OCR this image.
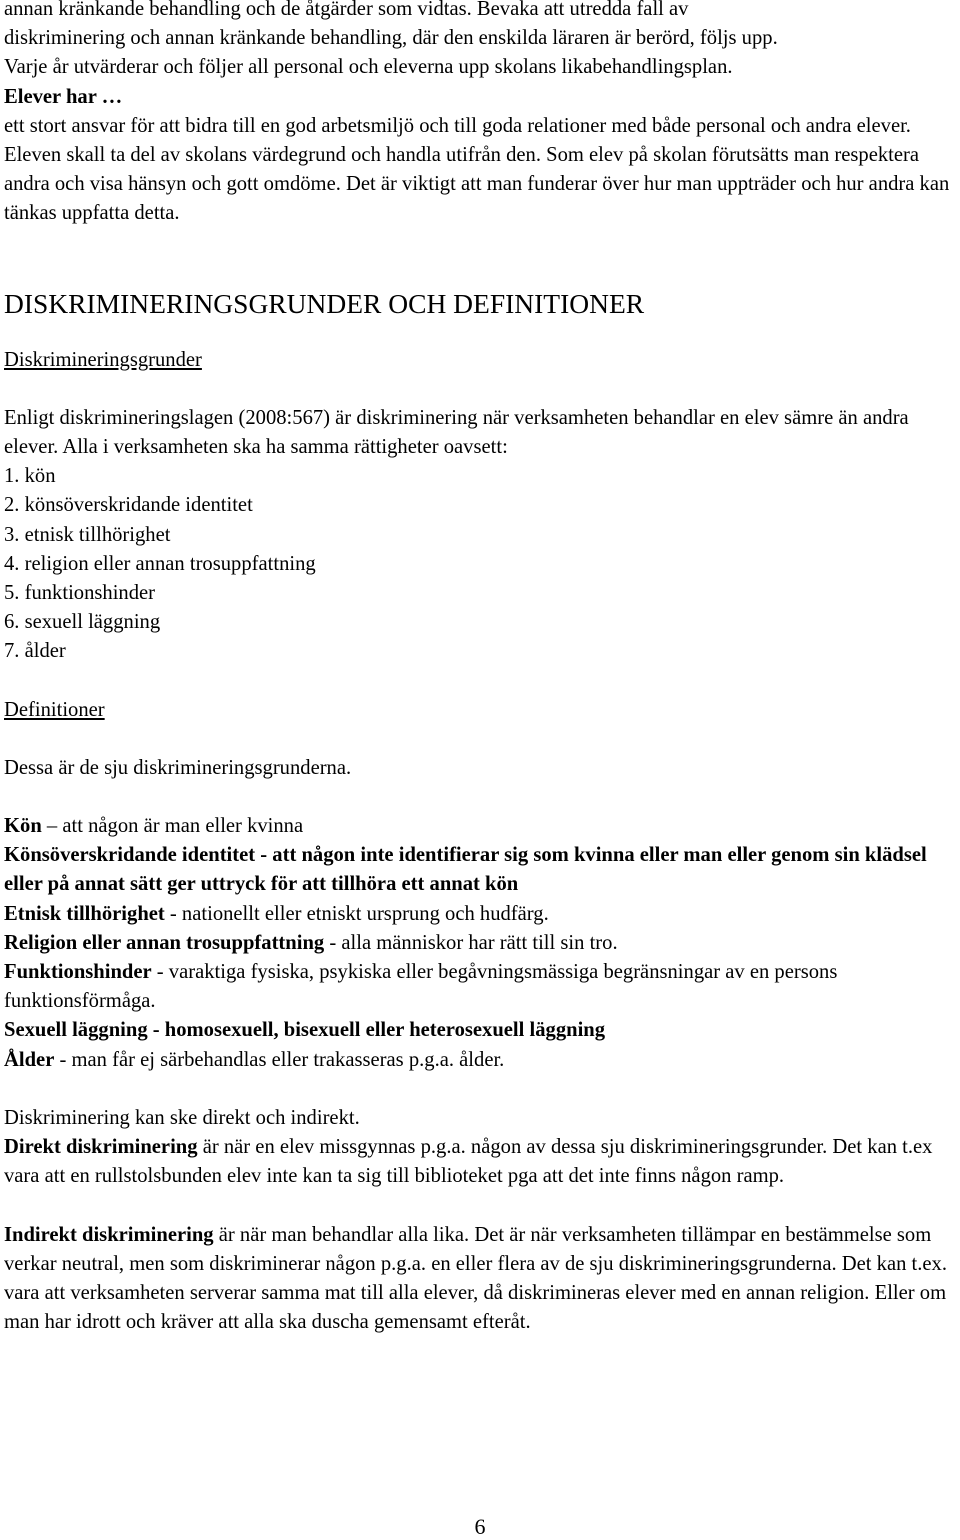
annan kränkande behandling och de åtgärder som vidtas. Bevaka att utredda fall av

diskriminering och annan kränkande behandling, där den enskilda läraren är berörd, följs upp.

Varje år utvärderar och följer all personal och eleverna upp skolans likabehandlingsplan.

Elever har …

ett stort ansvar för att bidra till en god arbetsmiljö och till goda relationer med både personal och andra elever. Eleven skall ta del av skolans värdegrund och handla utifrån den. Som elev på skolan förutsätts man respektera andra och visa hänsyn och gott omdöme. Det är viktigt att man funderar över hur man uppträder och hur andra kan tänkas uppfatta detta.

DISKRIMINERINGSGRUNDER OCH DEFINITIONER

Diskrimineringsgrunder

Enligt diskrimineringslagen (2008:567) är diskriminering när verksamheten behandlar en elev sämre än andra elever. Alla i verksamheten ska ha samma rättigheter oavsett:

1. kön

2. könsöverskridande identitet

3. etnisk tillhörighet

4. religion eller annan trosuppfattning

5. funktionshinder

6. sexuell läggning

7. ålder

Definitioner

Dessa är de sju diskrimineringsgrunderna.

Kön – att någon är man eller kvinna

Könsöverskridande identitet - att någon inte identifierar sig som kvinna eller man eller genom sin klädsel eller på annat sätt ger uttryck för att tillhöra ett annat kön

Etnisk tillhörighet - nationellt eller etniskt ursprung och hudfärg.

Religion eller annan trosuppfattning - alla människor har rätt till sin tro.

Funktionshinder - varaktiga fysiska, psykiska eller begåvningsmässiga begränsningar av en persons funktionsförmåga.

Sexuell läggning - homosexuell, bisexuell eller heterosexuell läggning

Ålder - man får ej särbehandlas eller trakasseras p.g.a. ålder.

Diskriminering kan ske direkt och indirekt.

Direkt diskriminering är när en elev missgynnas p.g.a. någon av dessa sju diskrimineringsgrunder. Det kan t.ex vara att en rullstolsbunden elev inte kan ta sig till biblioteket pga att det inte finns någon ramp.

Indirekt diskriminering är när man behandlar alla lika. Det är när verksamheten tillämpar en bestämmelse som verkar neutral, men som diskriminerar någon p.g.a. en eller flera av de sju diskrimineringsgrunderna. Det kan t.ex. vara att verksamheten serverar samma mat till alla elever, då diskrimineras elever med en annan religion. Eller om man har idrott och kräver att alla ska duscha gemensamt efteråt.

6
